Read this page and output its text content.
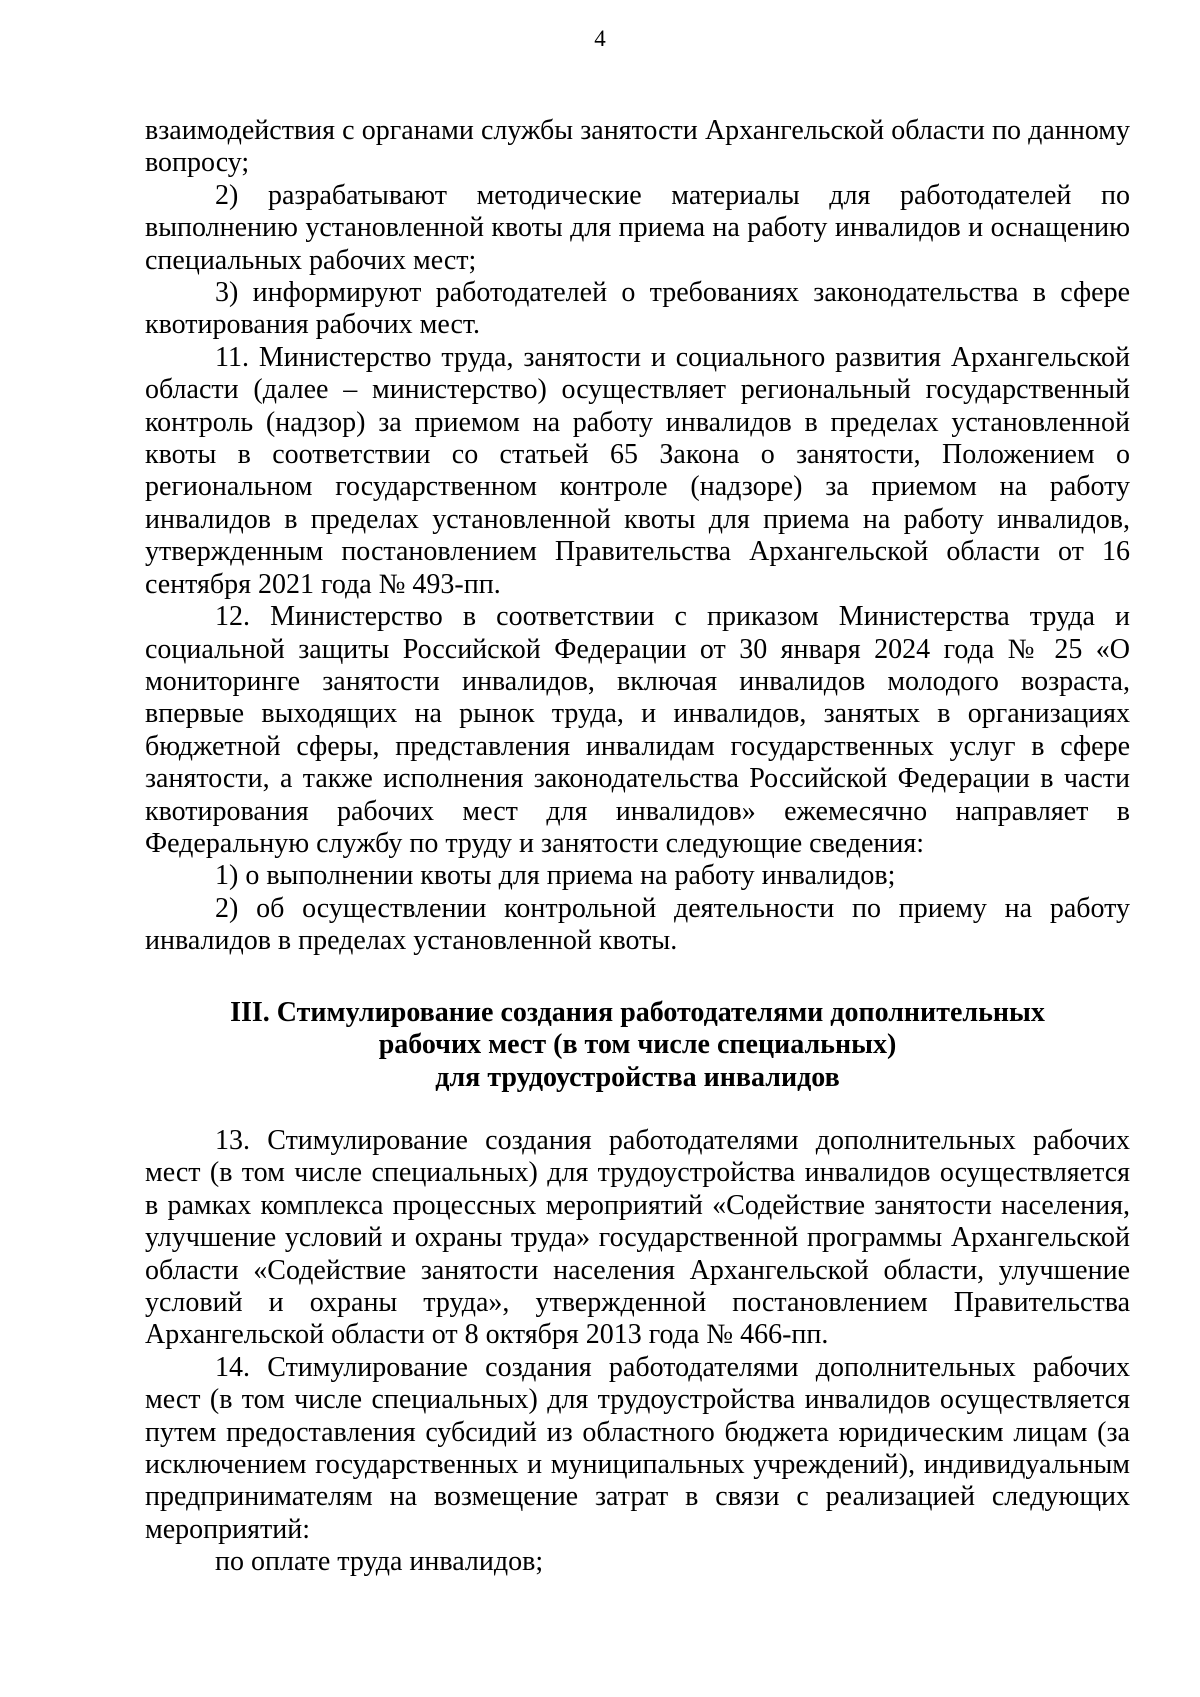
4

взаимодействия с органами службы занятости Архангельской области по данному вопросу;

2) разрабатывают методические материалы для работодателей по выполнению установленной квоты для приема на работу инвалидов и оснащению специальных рабочих мест;

3) информируют работодателей о требованиях законодательства в сфере квотирования рабочих мест.

11. Министерство труда, занятости и социального развития Архангельской области (далее – министерство) осуществляет региональный государственный контроль (надзор) за приемом на работу инвалидов в пределах установленной квоты в соответствии со статьей 65 Закона о занятости, Положением о региональном государственном контроле (надзоре) за приемом на работу инвалидов в пределах установленной квоты для приема на работу инвалидов, утвержденным постановлением Правительства Архангельской области от 16 сентября 2021 года № 493-пп.

12. Министерство в соответствии с приказом Министерства труда и социальной защиты Российской Федерации от 30 января 2024 года № 25 «О мониторинге занятости инвалидов, включая инвалидов молодого возраста, впервые выходящих на рынок труда, и инвалидов, занятых в организациях бюджетной сферы, представления инвалидам государственных услуг в сфере занятости, а также исполнения законодательства Российской Федерации в части квотирования рабочих мест для инвалидов» ежемесячно направляет в Федеральную службу по труду и занятости следующие сведения:

1) о выполнении квоты для приема на работу инвалидов;

2) об осуществлении контрольной деятельности по приему на работу инвалидов в пределах установленной квоты.

III. Стимулирование создания работодателями дополнительных
рабочих мест (в том числе специальных)
для трудоустройства инвалидов

13. Стимулирование создания работодателями дополнительных рабочих мест (в том числе специальных) для трудоустройства инвалидов осуществляется в рамках комплекса процессных мероприятий «Содействие занятости населения, улучшение условий и охраны труда» государственной программы Архангельской области «Содействие занятости населения Архангельской области, улучшение условий и охраны труда», утвержденной постановлением Правительства Архангельской области от 8 октября 2013 года № 466-пп.

14. Стимулирование создания работодателями дополнительных рабочих мест (в том числе специальных) для трудоустройства инвалидов осуществляется путем предоставления субсидий из областного бюджета юридическим лицам (за исключением государственных и муниципальных учреждений), индивидуальным предпринимателям на возмещение затрат в связи с реализацией следующих мероприятий:

по оплате труда инвалидов;
